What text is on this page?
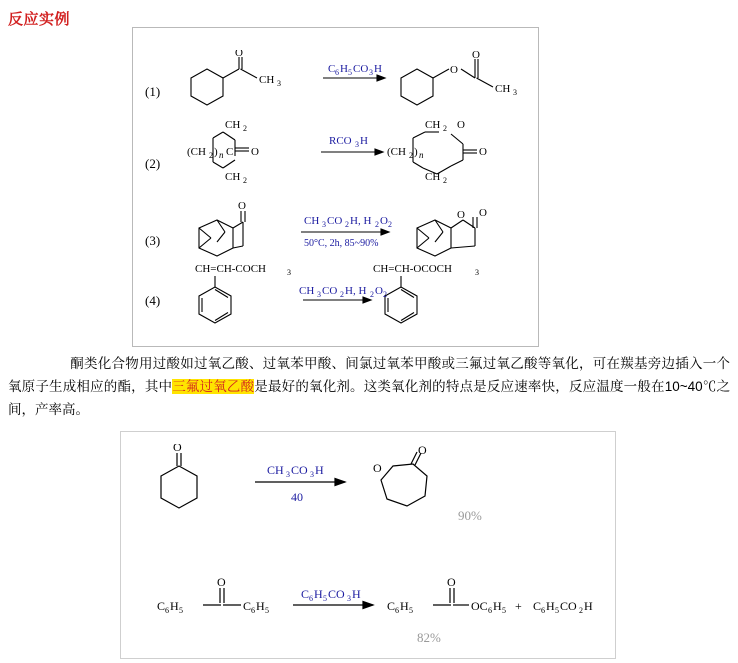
反应实例
(1)
O
CH 3
O
O
CH 3
C 6 H 5 CO 3 H
(2)
(CH 2 ) n
CH 2
CH 2
C O	(CH 2 ) n
CH 2 O
CH 2
O
RCO 3 H
(3)
O
O O
CH 3 CO 2 H, H 2 O 2
50°C, 2h, 85~90%
(4)
CH=CH-COCH	3	CH=CH-OCOCH	3
CH 3 CO 2 H, H 2 O 2
酮类化合物用过酸如过氧乙酸、过氧苯甲酸、间氯过氧苯甲酸或三氟过氧乙酸等氧化，可在羰基旁边插入一个氧原子生成相应的酯，其中三氟过氧乙酸是最好的氧化剂。这类氧化剂的特点是反应速率快，反应温度一般在10~40℃之间，产率高。
O
O
O
CH 3 CO 3 H
40
90%
C 6 H 5
O
C 6 H 5
C 6 H 5 CO 3 H
C 6 H 5
O
OC 6 H 5 + C 6 H 5 CO 2 H
82%
